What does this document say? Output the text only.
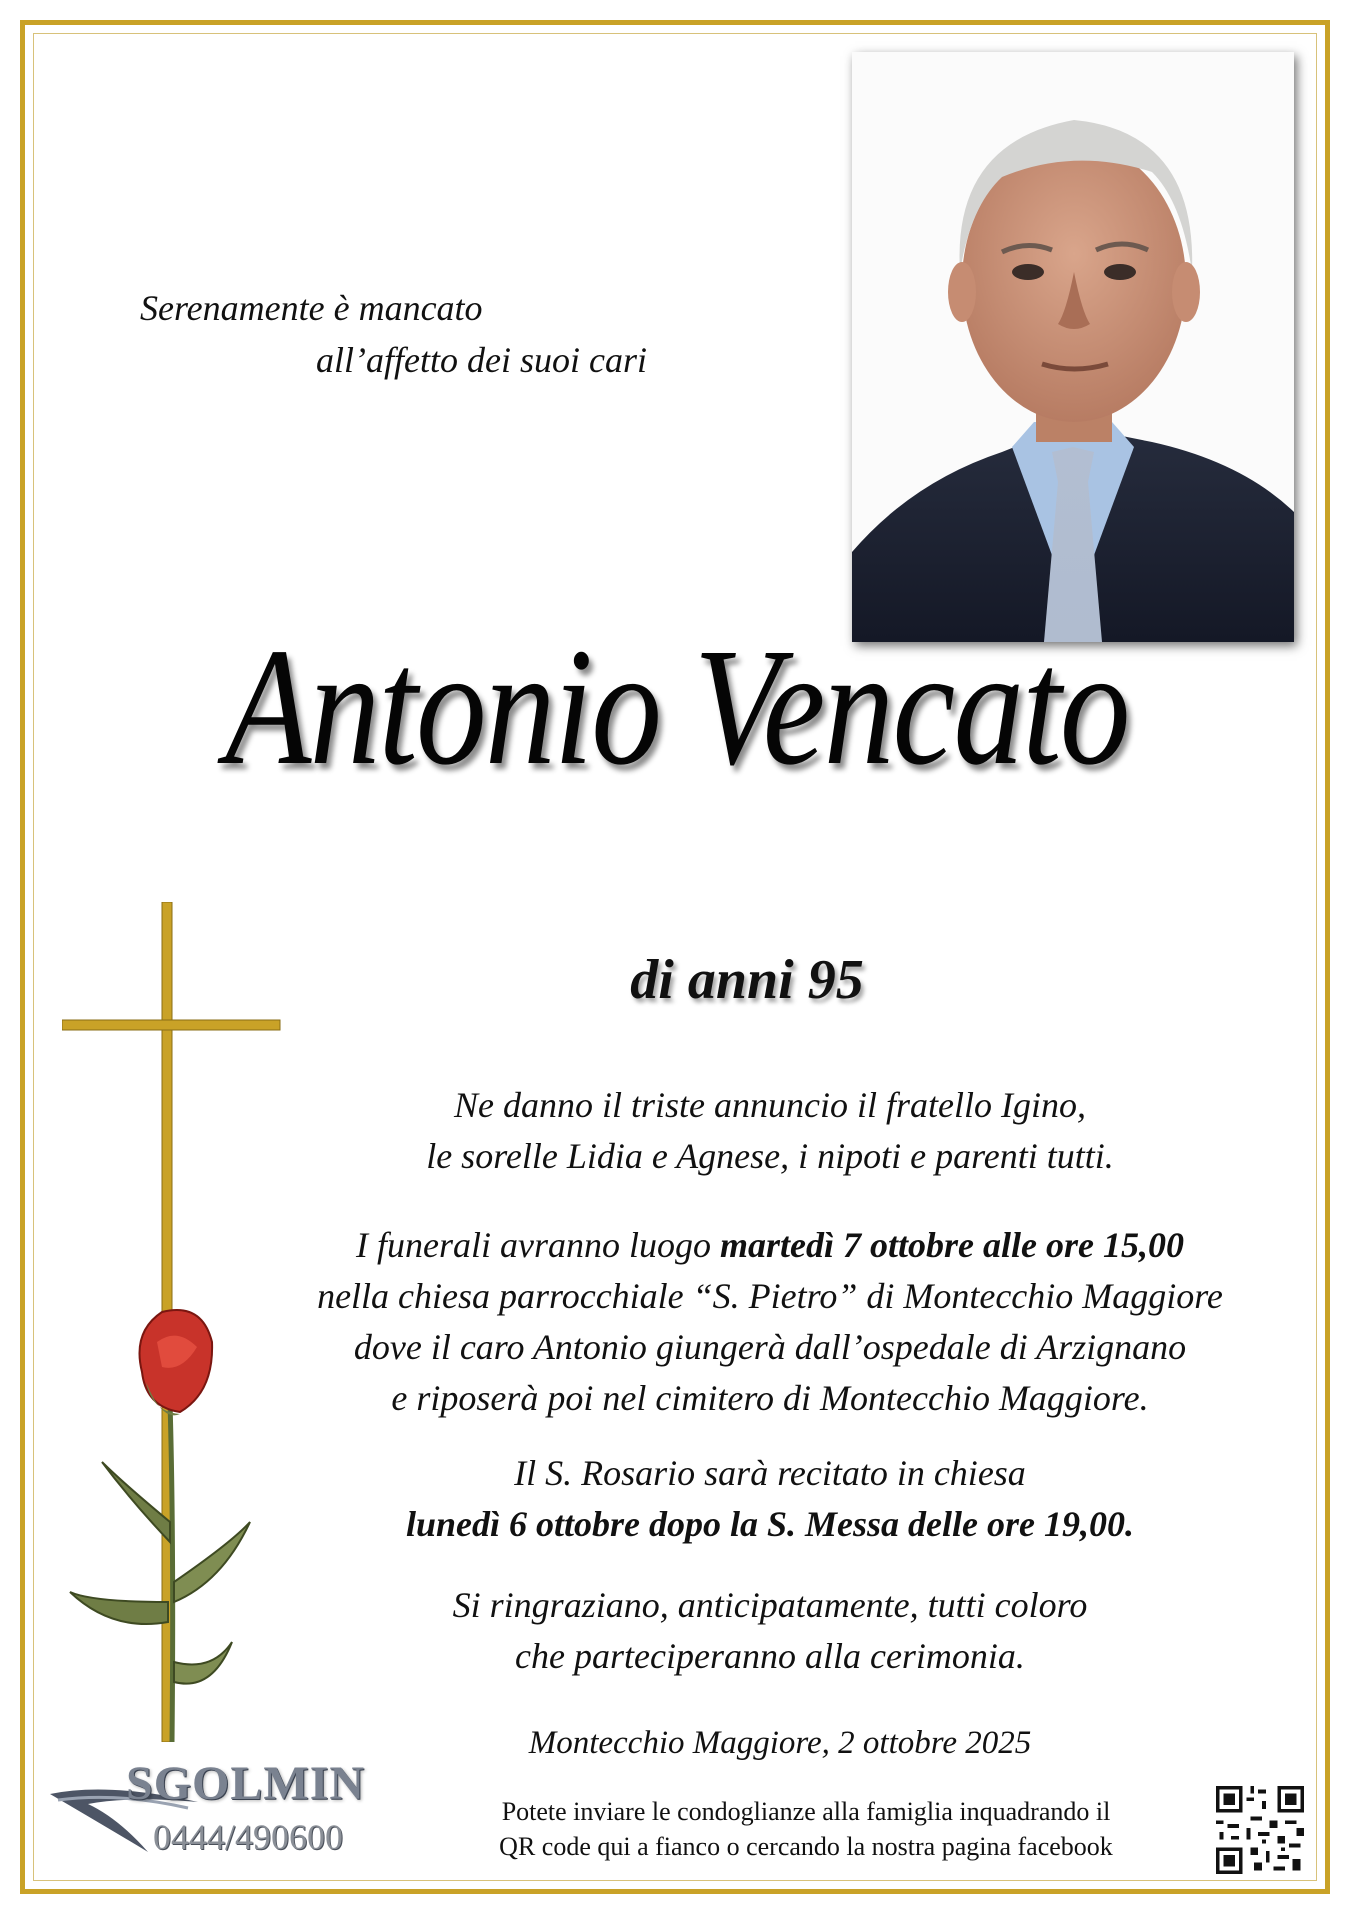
Serenamente è mancato
all’affetto dei suoi cari
Antonio Vencato
di anni 95
Ne danno il triste annuncio il fratello Igino,
le sorelle Lidia e Agnese, i nipoti e parenti tutti.
I funerali avranno luogo martedì 7 ottobre alle ore 15,00
nella chiesa parrocchiale “S. Pietro” di Montecchio Maggiore
dove il caro Antonio giungerà dall’ospedale di Arzignano
e riposerà poi nel cimitero di Montecchio Maggiore.
Il S. Rosario sarà recitato in chiesa
lunedì 6 ottobre dopo la S. Messa delle ore 19,00.
Si ringraziano, anticipatamente, tutti coloro
che parteciperanno alla cerimonia.
Montecchio Maggiore, 2 ottobre 2025
SGOLMIN
0444/490600
Potete inviare le condoglianze alla famiglia inquadrando il
QR code qui a fianco o cercando la nostra pagina facebook
